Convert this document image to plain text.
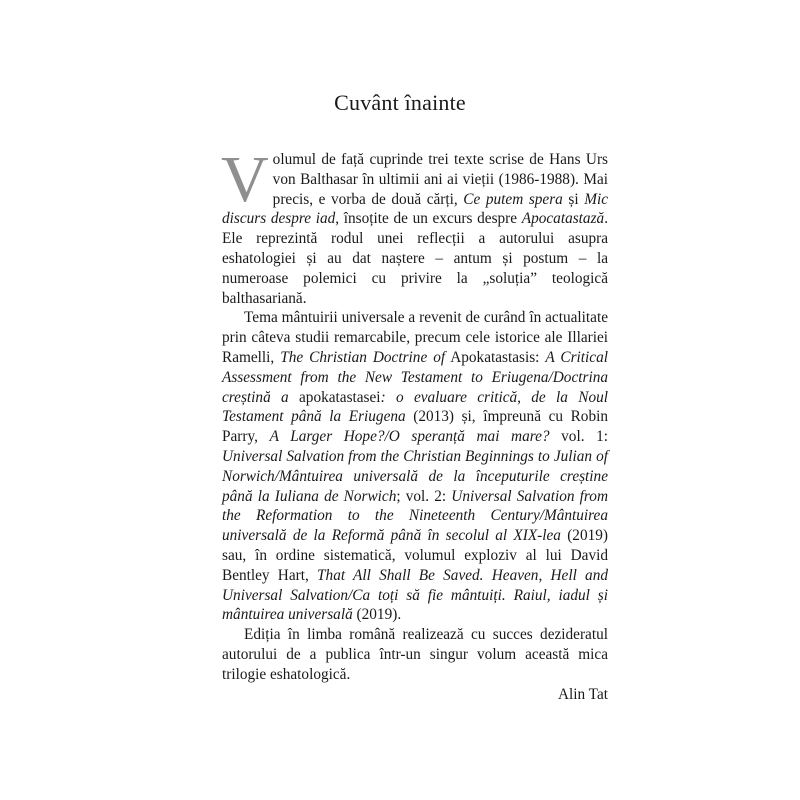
Cuvânt înainte

Volumul de față cuprinde trei texte scrise de Hans Urs von Balthasar în ultimii ani ai vieții (1986-1988). Mai precis, e vorba de două cărți, Ce putem spera și Mic discurs despre iad, însoțite de un excurs despre Apocatastază. Ele reprezintă rodul unei reflecții a autorului asupra eshatologiei și au dat naștere – antum și postum – la numeroase polemici cu privire la „soluția” teologică balthasariană.

Tema mântuirii universale a revenit de curând în actualitate prin câteva studii remarcabile, precum cele istorice ale Illariei Ramelli, The Christian Doctrine of Apokatastasis: A Critical Assessment from the New Testament to Eriugena/Doctrina creștină a apokatastasei: o evaluare critică, de la Noul Testament până la Eriugena (2013) și, împreună cu Robin Parry, A Larger Hope?/O speranță mai mare? vol. 1: Universal Salvation from the Christian Beginnings to Julian of Norwich/Mântuirea universală de la începuturile creștine până la Iuliana de Norwich; vol. 2: Universal Salvation from the Reformation to the Nineteenth Century/Mântuirea universală de la Reformă până în secolul al XIX-lea (2019) sau, în ordine sistematică, volumul exploziv al lui David Bentley Hart, That All Shall Be Saved. Heaven, Hell and Universal Salvation/Ca toți să fie mântuiți. Raiul, iadul și mântuirea universală (2019).

Ediția în limba română realizează cu succes dezideratul autorului de a publica într-un singur volum această mica trilogie eshatologică.

Alin Tat
